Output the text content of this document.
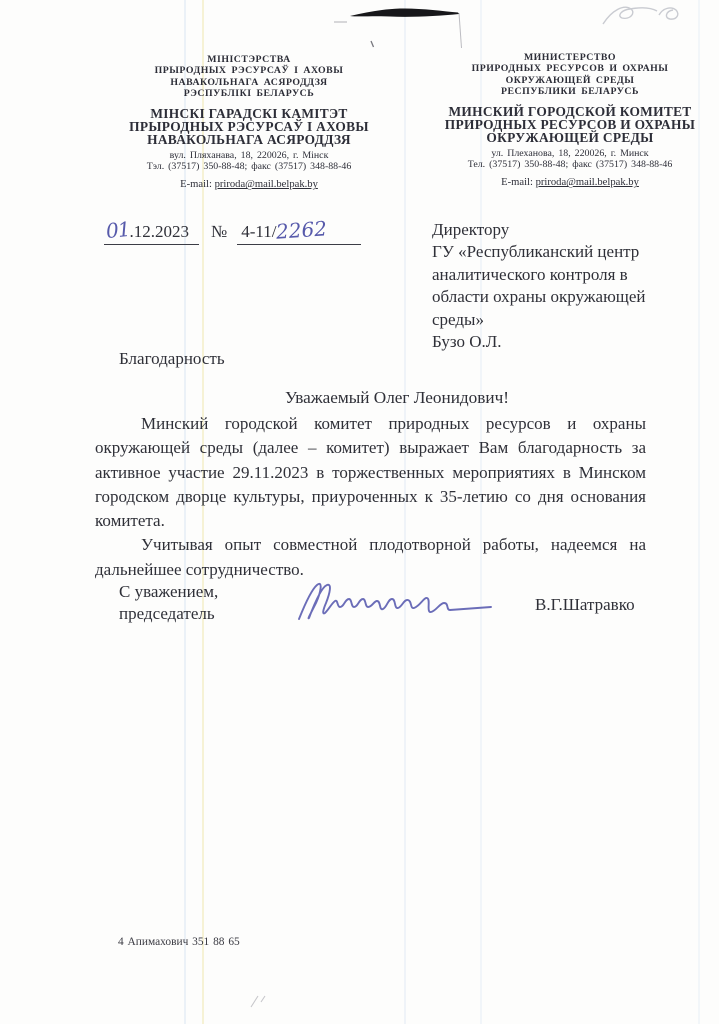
МІНІСТЭРСТВА
ПРЫРОДНЫХ РЭСУРСАЎ І АХОВЫ
НАВАКОЛЬНАГА АСЯРОДДЗЯ
РЭСПУБЛІКІ БЕЛАРУСЬ
МІНСКІ ГАРАДСКІ КАМІТЭТ
ПРЫРОДНЫХ РЭСУРСАЎ І АХОВЫ
НАВАКОЛЬНАГА АСЯРОДДЗЯ
вул. Пляханава, 18, 220026, г. Мінск
Тэл. (37517) 350-88-48; факс (37517) 348-88-46
E-mail: priroda@mail.belpak.by
МИНИСТЕРСТВО
ПРИРОДНЫХ РЕСУРСОВ И ОХРАНЫ
ОКРУЖАЮЩЕЙ СРЕДЫ
РЕСПУБЛИКИ БЕЛАРУСЬ
МИНСКИЙ ГОРОДСКОЙ КОМИТЕТ
ПРИРОДНЫХ РЕСУРСОВ И ОХРАНЫ
ОКРУЖАЮЩЕЙ СРЕДЫ
ул. Плеханова, 18, 220026, г. Минск
Тел. (37517) 350-88-48; факс (37517) 348-88-46
E-mail: priroda@mail.belpak.by
01.12.2023	№ 4-11/2262	Директору
ГУ «Республиканский центр
аналитического контроля в
области охраны окружающей
среды»
Бузо О.Л.
Благодарность
Уважаемый Олег Леонидович!

Минский городской комитет природных ресурсов и охраны окружающей среды (далее – комитет) выражает Вам благодарность за активное участие 29.11.2023 в торжественных мероприятиях в Минском городском дворце культуры, приуроченных к 35-летию со дня основания комитета.

Учитывая опыт совместной плодотворной работы, надеемся на дальнейшее сотрудничество.

С уважением,
председатель	В.Г.Шатравко
4 Апимахович 351 88 65
